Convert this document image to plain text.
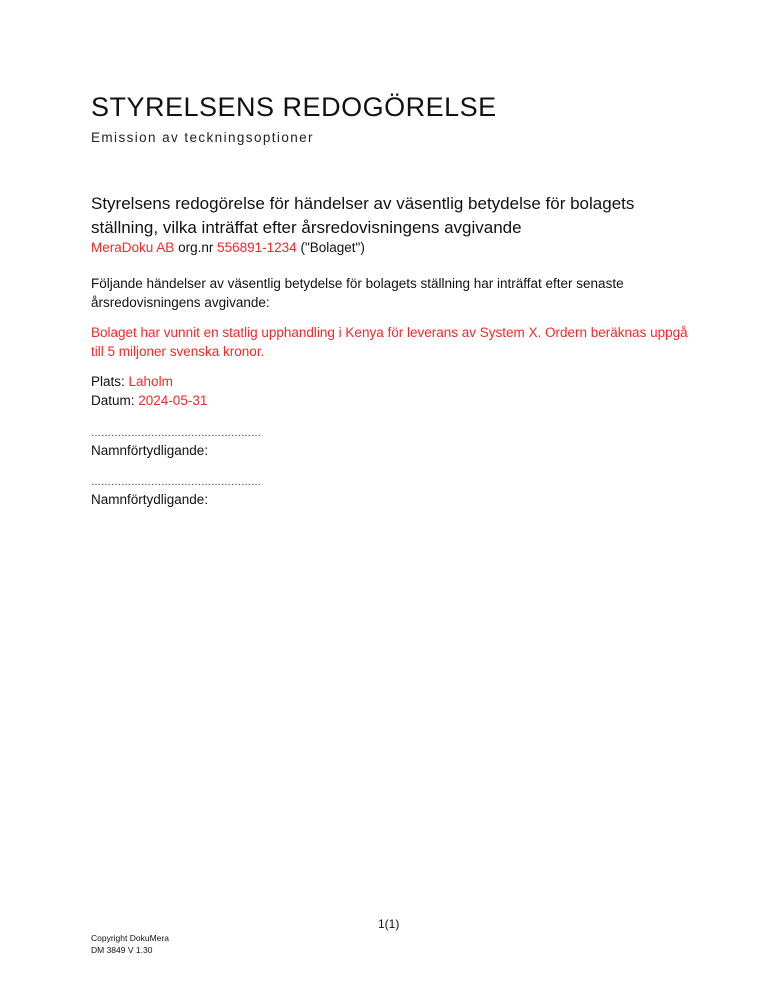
STYRELSENS REDOGÖRELSE
Emission av teckningsoptioner
Styrelsens redogörelse för händelser av väsentlig betydelse för bolagets ställning, vilka inträffat efter årsredovisningens avgivande
MeraDoku AB org.nr 556891-1234 ("Bolaget")
Följande händelser av väsentlig betydelse för bolagets ställning har inträffat efter senaste årsredovisningens avgivande:
Bolaget har vunnit en statlig upphandling i Kenya för leverans av System X. Ordern beräknas uppgå till 5 miljoner svenska kronor.
Plats: Laholm
Datum: 2024-05-31
……………………………………………
Namnförtydligande:
……………………………………………
Namnförtydligande:
1(1)
Copyright DokuMera
DM 3849 V 1.30
